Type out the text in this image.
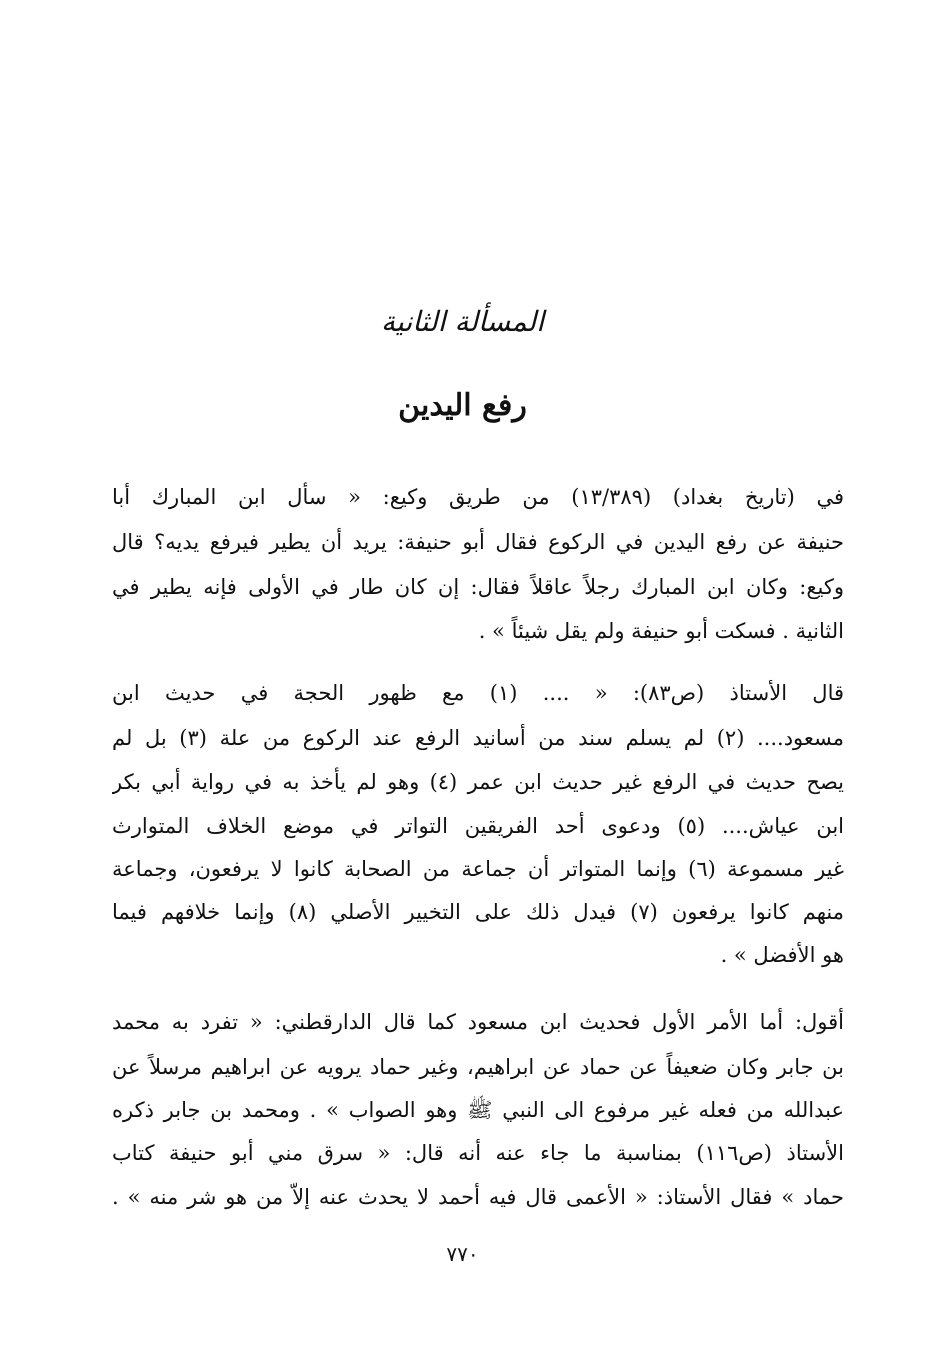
المسألة الثانية
رفع اليدين
في (تاريخ بغداد) (١٣/٣٨٩) من طريق وكيع: « سأل ابن المبارك أبا
حنيفة عن رفع اليدين في الركوع فقال أبو حنيفة: يريد أن يطير فيرفع يديه؟ قال
وكيع: وكان ابن المبارك رجلاً عاقلاً فقال: إن كان طار في الأولى فإنه يطير في
الثانية . فسكت أبو حنيفة ولم يقل شيئاً » .
قال الأستاذ (ص٨٣): « .... (١) مع ظهور الحجة في حديث ابن
مسعود.... (٢) لم يسلم سند من أسانيد الرفع عند الركوع من علة (٣) بل لم
يصح حديث في الرفع غير حديث ابن عمر (٤) وهو لم يأخذ به في رواية أبي بكر
ابن عياش.... (٥) ودعوى أحد الفريقين التواتر في موضع الخلاف المتوارث
غير مسموعة (٦) وإنما المتواتر أن جماعة من الصحابة كانوا لا يرفعون، وجماعة
منهم كانوا يرفعون (٧) فيدل ذلك على التخيير الأصلي (٨) وإنما خلافهم فيما
هو الأفضل » .
أقول: أما الأمر الأول فحديث ابن مسعود كما قال الدارقطني: « تفرد به محمد
بن جابر وكان ضعيفاً عن حماد عن ابراهيم، وغير حماد يرويه عن ابراهيم مرسلاً عن
عبدالله من فعله غير مرفوع الى النبي ﷺ وهو الصواب » . ومحمد بن جابر ذكره
الأستاذ (ص١١٦) بمناسبة ما جاء عنه أنه قال: « سرق مني أبو حنيفة كتاب
حماد » فقال الأستاذ: « الأعمى قال فيه أحمد لا يحدث عنه إلاّ من هو شر منه » .
٧٧٠
